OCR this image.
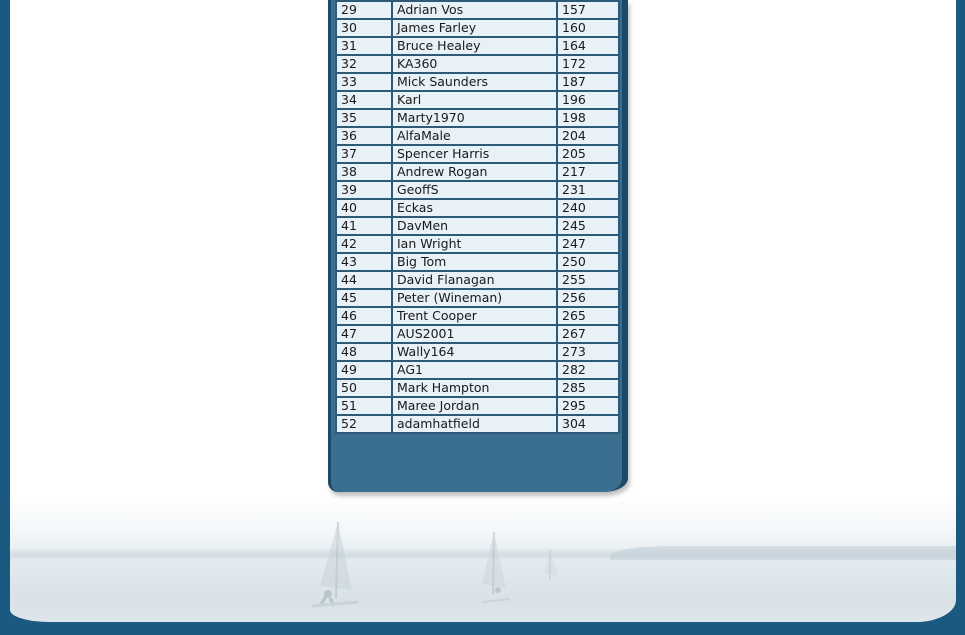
29	Adrian Vos	157
30	James Farley	160
31	Bruce Healey	164
32	KA360	172
33	Mick Saunders	187
34	Karl	196
35	Marty1970	198
36	AlfaMale	204
37	Spencer Harris	205
38	Andrew Rogan	217
39	GeoffS	231
40	Eckas	240
41	DavMen	245
42	Ian Wright	247
43	Big Tom	250
44	David Flanagan	255
45	Peter (Wineman)	256
46	Trent Cooper	265
47	AUS2001	267
48	Wally164	273
49	AG1	282
50	Mark Hampton	285
51	Maree Jordan	295
52	adamhatfield	304
